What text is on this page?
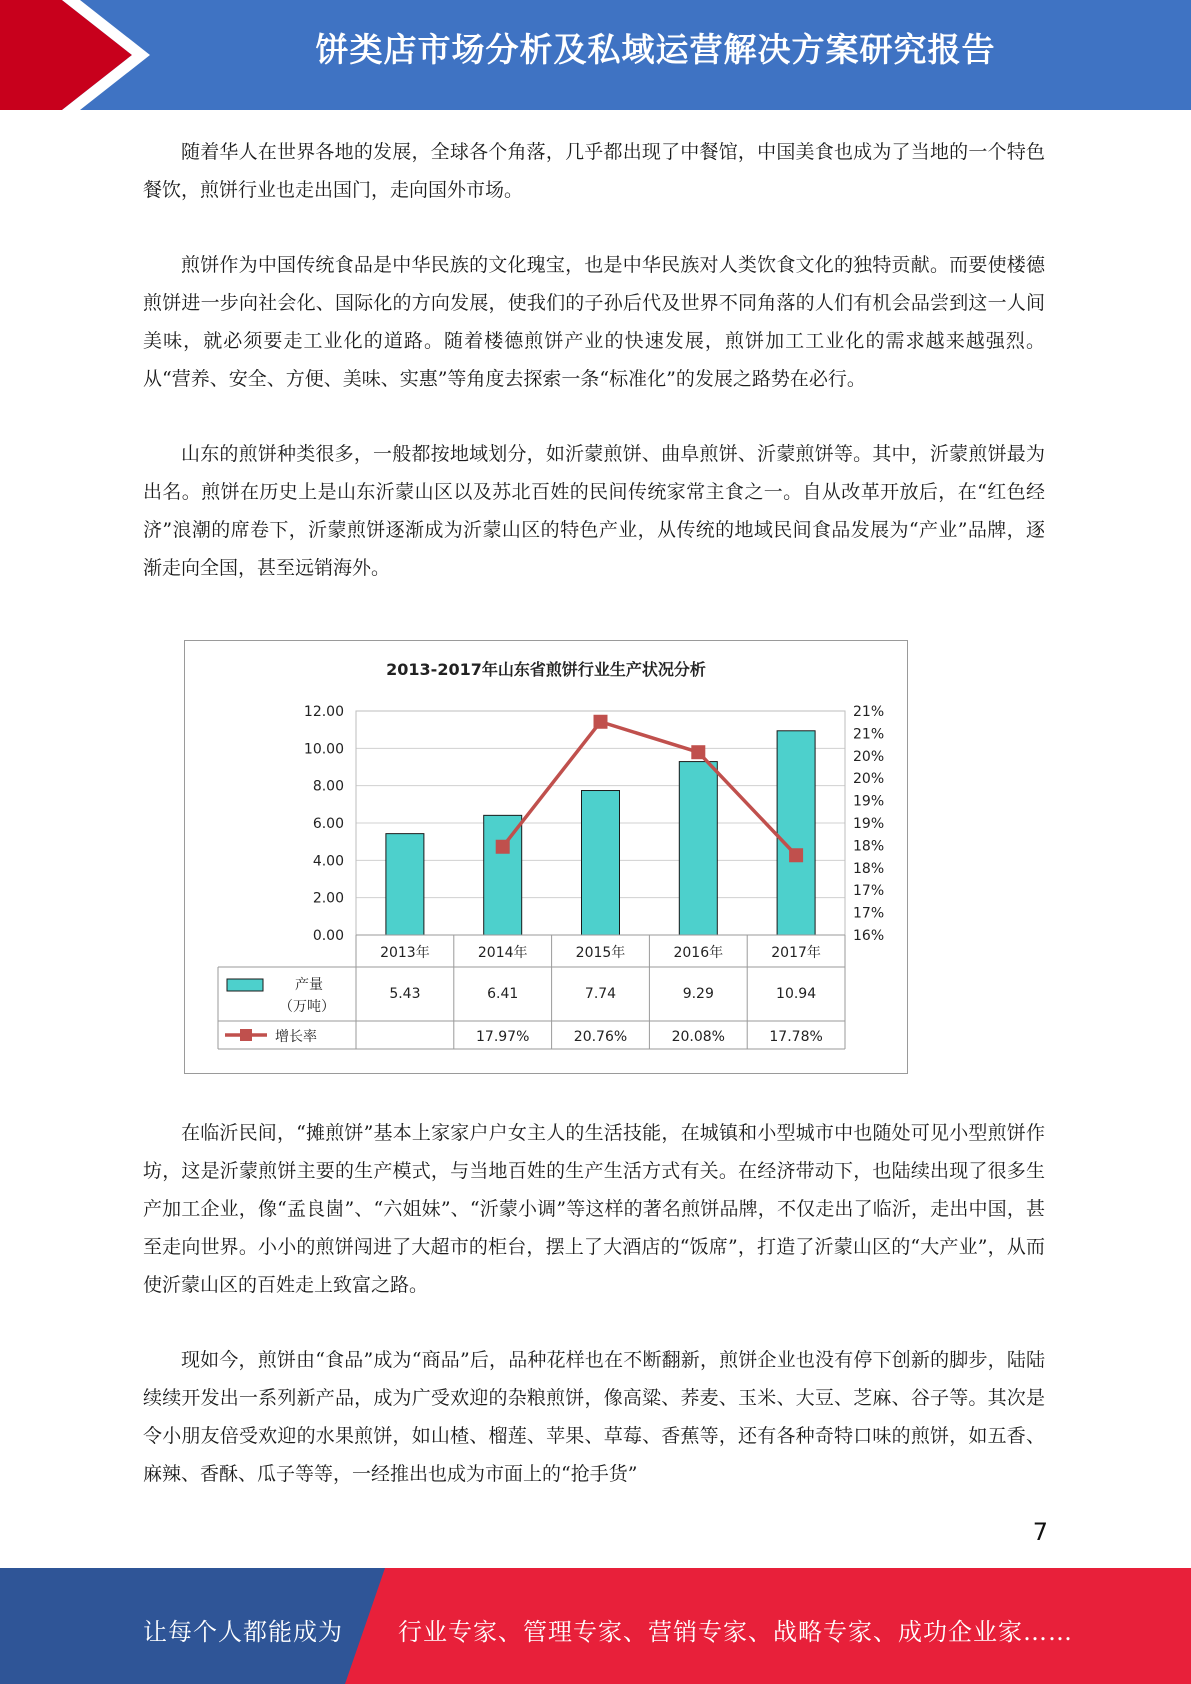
饼类店市场分析及私域运营解决方案研究报告

随着华人在世界各地的发展，全球各个角落，几乎都出现了中餐馆，中国美食也成为了当地的一个特色餐饮，煎饼行业也走出国门，走向国外市场。

煎饼作为中国传统食品是中华民族的文化瑰宝，也是中华民族对人类饮食文化的独特贡献。而要使楼德煎饼进一步向社会化、国际化的方向发展，使我们的子孙后代及世界不同角落的人们有机会品尝到这一人间美味，就必须要走工业化的道路。随着楼德煎饼产业的快速发展，煎饼加工工业化的需求越来越强烈。从“营养、安全、方便、美味、实惠”等角度去探索一条“标准化”的发展之路势在必行。

山东的煎饼种类很多，一般都按地域划分，如沂蒙煎饼、曲阜煎饼、沂蒙煎饼等。其中，沂蒙煎饼最为出名。煎饼在历史上是山东沂蒙山区以及苏北百姓的民间传统家常主食之一。自从改革开放后，在“红色经济”浪潮的席卷下，沂蒙煎饼逐渐成为沂蒙山区的特色产业，从传统的地域民间食品发展为“产业”品牌，逐渐走向全国，甚至远销海外。

2013-2017年山东省煎饼行业生产状况分析
0.00
2.00
4.00
6.00
8.00
10.00
12.00
16%
17%
17%
18%
18%
19%
19%
20%
20%
21%
21%
2013年
5.43
2014年
6.41
17.97%
2015年
7.74
20.76%
2016年
9.29
20.08%
2017年
10.94
17.78%
产量
（万吨）
增长率

在临沂民间，“摊煎饼”基本上家家户户女主人的生活技能，在城镇和小型城市中也随处可见小型煎饼作坊，这是沂蒙煎饼主要的生产模式，与当地百姓的生产生活方式有关。在经济带动下，也陆续出现了很多生产加工企业，像“孟良崮”、“六姐妹”、“沂蒙小调”等这样的著名煎饼品牌，不仅走出了临沂，走出中国，甚至走向世界。小小的煎饼闯进了大超市的柜台，摆上了大酒店的“饭席”，打造了沂蒙山区的“大产业”，从而使沂蒙山区的百姓走上致富之路。

现如今，煎饼由“食品”成为“商品”后，品种花样也在不断翻新，煎饼企业也没有停下创新的脚步，陆陆续续开发出一系列新产品，成为广受欢迎的杂粮煎饼，像高粱、荞麦、玉米、大豆、芝麻、谷子等。其次是令小朋友倍受欢迎的水果煎饼，如山楂、榴莲、苹果、草莓、香蕉等，还有各种奇特口味的煎饼，如五香、麻辣、香酥、瓜子等等，一经推出也成为市面上的“抢手货”

7
让每个人都能成为 行业专家、管理专家、营销专家、战略专家、成功企业家……
